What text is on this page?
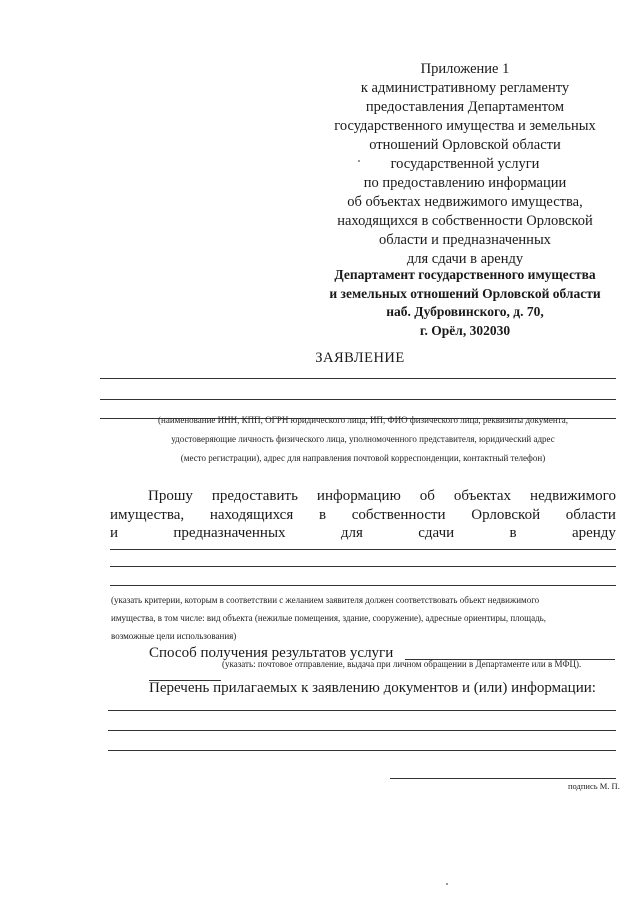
Приложение 1
к административному регламенту
предоставления Департаментом
государственного имущества и земельных
отношений Орловской области
государственной услуги
по предоставлению информации
об объектах недвижимого имущества,
находящихся в собственности Орловской
области и предназначенных
для сдачи в аренду
Департамент государственного имущества
и земельных отношений Орловской области
наб. Дубровинского, д. 70,
г. Орёл, 302030
ЗАЯВЛЕНИЕ
(наименование ИНН, КПП, ОГРН юридического лица, ИП, ФИО физического лица, реквизиты документа,
удостоверяющие личность физического лица, уполномоченного представителя, юридический адрес
(место регистрации), адрес для направления почтовой корреспонденции, контактный телефон)
Прошу предоставить информацию об объектах недвижимого
имущества, находящихся в собственности Орловской области
и	предназначенных	для	сдачи	в	аренду
(указать критерии, которым в соответствии с желанием заявителя должен соответствовать объект недвижимого
имущества, в том числе: вид объекта (нежилые помещения, здание, сооружение), адресные ориентиры, площадь,
возможные цели использования)
Способ получения результатов услуги
(указать: почтовое отправление, выдача при личном обращении в Департаменте или в МФЦ).
Перечень прилагаемых к заявлению документов и (или) информации:
подпись М. П.
